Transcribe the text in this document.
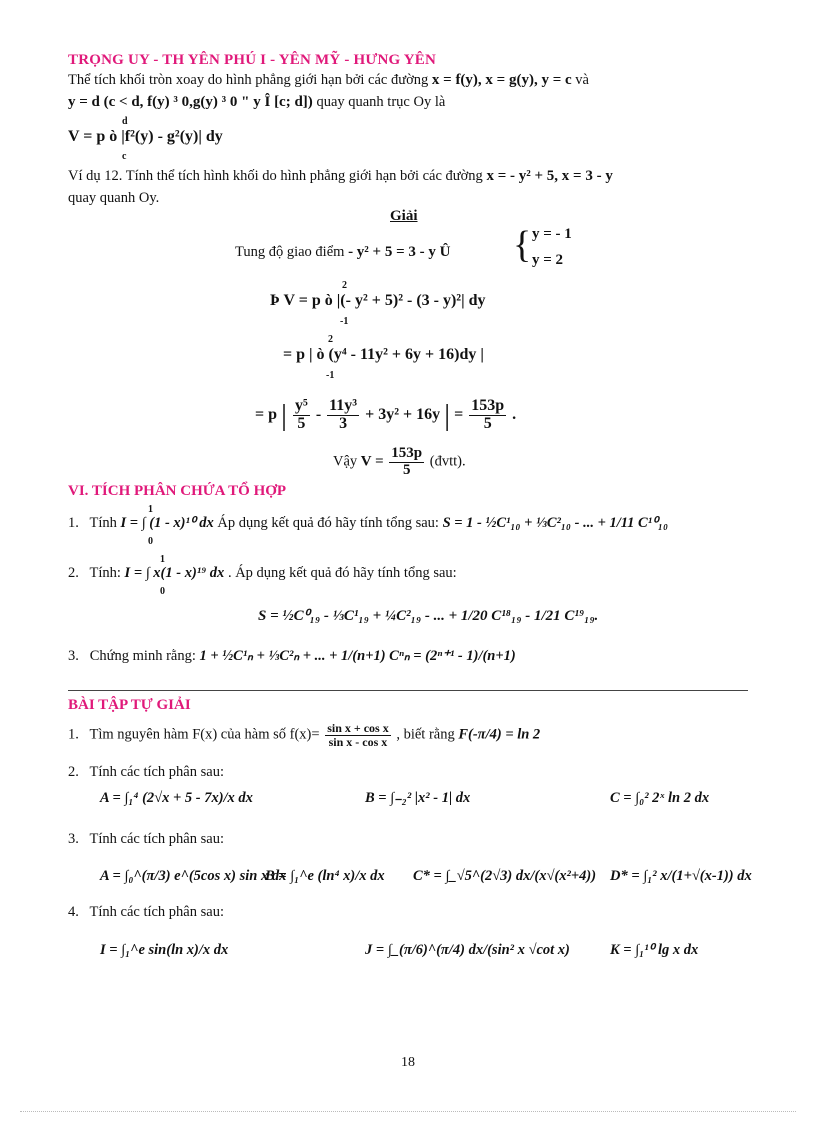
TRỌNG UY - TH YÊN PHÚ I - YÊN MỸ - HƯNG YÊN
Thể tích khối tròn xoay do hình phẳng giới hạn bởi các đường x = f(y), x = g(y), y = c và
y = d (c < d, f(y) ³ 0,g(y) ³ 0 " y Î [c; d]) quay quanh trục Oy là
d
V = p ò |f²(y) - g²(y)| dy
c
Ví dụ 12. Tính thể tích hình khối do hình phẳng giới hạn bởi các đường x = - y² + 5, x = 3 - y
quay quanh Oy.
Giải
Tung độ giao điểm - y² + 5 = 3 - y Û { y = - 1
y = 2
2
Þ V = p ò |(- y² + 5)² - (3 - y)²| dy
-1
2
= p | ò (y⁴ - 11y² + 6y + 16)dy |
-1
= p | $\frac{\text{y⁵}}{5} - \frac{\text{11y³}}{3} + 3y^2 + 16y$ | = $\frac{153p}{5}$ .
Vậy $V = \frac{153p}{5}$ (đvtt).
VI. TÍCH PHÂN CHỨA TỔ HỢP
1. Tính I = ∫ (1 - x)¹⁰ dx Áp dụng kết quả đó hãy tính tổng sau: S = 1 - ½C¹₁₀ + ⅓C²₁₀ - ... + 1/11 C¹⁰₁₀
1
0
2. Tính: I = ∫ x(1 - x)¹⁹ dx . Áp dụng kết quả đó hãy tính tổng sau:
1
0
S = ½C⁰₁₉ - ⅓C¹₁₉ + ¼C²₁₉ - ... + 1/20 C¹⁸₁₉ - 1/21 C¹⁹₁₉.
3. Chứng minh rằng: 1 + ½C¹ₙ + ⅓C²ₙ + ... + 1/(n+1) Cⁿₙ = (2ⁿ⁺¹ - 1)/(n+1)
BÀI TẬP TỰ GIẢI
1. Tìm nguyên hàm F(x) của hàm số $f(x)= \frac{\text{sin x + cos x}}{\text{sin x - cos x}}$ , biết rằng F(-π/4) = ln 2
2. Tính các tích phân sau:
A = ∫₁⁴ (2√x + 5 - 7x)/x dx	B = ∫₋₂² |x² - 1| dx	C = ∫₀² 2ˣ ln 2 dx
3. Tính các tích phân sau:
A = ∫₀^(π/3) e^(5cos x) sin x dx
B = ∫₁^e (ln⁴ x)/x dx C* = ∫_√5^(2√3) dx/(x√(x²+4)) D* = ∫₁² x/(1+√(x-1)) dx
4. Tính các tích phân sau:
I = ∫₁^e sin(ln x)/x dx	J = ∫_(π/6)^(π/4) dx/(sin² x √cot x)	K = ∫₁¹⁰ lg x dx
18
